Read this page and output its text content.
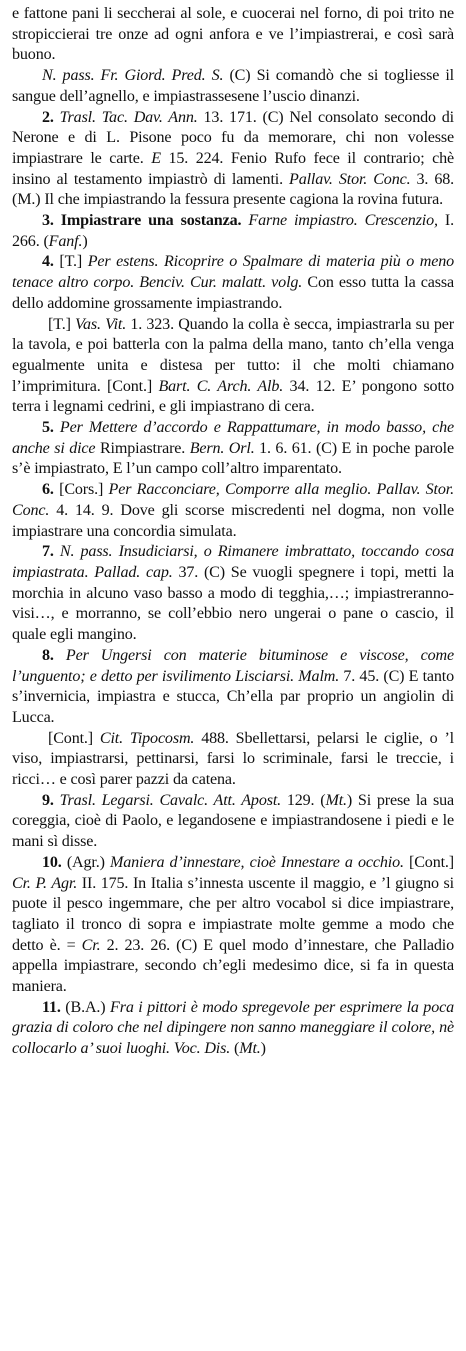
e fattone pani li seccherai al sole, e cuocerai nel forno, di poi trito ne stropiccierai tre onze ad ogni anfora e ve l’impiastrerai, e così sarà buono.

N. pass. Fr. Giord. Pred. S. (C) Si comandò che si togliesse il sangue dell’agnello, e impiastrassesene l’uscio dinanzi.

2. Trasl. Tac. Dav. Ann. 13. 171. (C) Nel consolato secondo di Nerone e di L. Pisone poco fu da memorare, chi non volesse impiastrare le carte. E 15. 224. Fenio Rufo fece il contrario; chè insino al testamento impiastrò di lamenti. Pallav. Stor. Conc. 3. 68. (M.) Il che impiastrando la fessura presente cagiona la rovina futura.

3. Impiastrare una sostanza. Farne impiastro. Crescenzio, I. 266. (Fanf.)

4. [T.] Per estens. Ricoprire o Spalmare di materia più o meno tenace altro corpo. Benciv. Cur. malatt. volg. Con esso tutta la cassa dello addomine grossamente impiastrando.

[T.] Vas. Vit. 1. 323. Quando la colla è secca, impiastrarla su per la tavola, e poi batterla con la palma della mano, tanto ch’ella venga egualmente unita e distesa per tutto: il che molti chiamano l’imprimitura. [Cont.] Bart. C. Arch. Alb. 34. 12. E’ pongono sotto terra i legnami cedrini, e gli impiastrano di cera.

5. Per Mettere d’accordo e Rappattumare, in modo basso, che anche si dice Rimpiastrare. Bern. Orl. 1. 6. 61. (C) E in poche parole s’è impiastrato, E l’un campo coll’altro imparentato.

6. [Cors.] Per Racconciare, Comporre alla meglio. Pallav. Stor. Conc. 4. 14. 9. Dove gli scorse miscredenti nel dogma, non volle impiastrare una concordia simulata.

7. N. pass. Insudiciarsi, o Rimanere imbrattato, toccando cosa impiastrata. Pallad. cap. 37. (C) Se vuogli spegnere i topi, metti la morchia in alcuno vaso basso a modo di tegghia,…; impiastrerannovisi…, e morranno, se coll’ebbio nero ungerai o pane o cascio, il quale egli mangino.

8. Per Ungersi con materie bituminose e viscose, come l’unguento; e detto per isvilimento Lisciarsi. Malm. 7. 45. (C) E tanto s’invernicia, impiastra e stucca, Ch’ella par proprio un angiolin di Lucca.

[Cont.] Cit. Tipocosm. 488. Sbellettarsi, pelarsi le ciglie, o ’l viso, impiastrarsi, pettinarsi, farsi lo scriminale, farsi le treccie, i ricci… e così parer pazzi da catena.

9. Trasl. Legarsi. Cavalc. Att. Apost. 129. (Mt.) Si prese la sua coreggia, cioè di Paolo, e legandosene e impiastrandosene i piedi e le mani sì disse.

10. (Agr.) Maniera d’innestare, cioè Innestare a occhio. [Cont.] Cr. P. Agr. II. 175. In Italia s’innesta uscente il maggio, e ’l giugno si puote il pesco ingemmare, che per altro vocabol si dice impiastrare, tagliato il tronco di sopra e impiastrate molte gemme a modo che detto è. = Cr. 2. 23. 26. (C) E quel modo d’innestare, che Palladio appella impiastrare, secondo ch’egli medesimo dice, si fa in questa maniera.

11. (B.A.) Fra i pittori è modo spregevole per esprimere la poca grazia di coloro che nel dipingere non sanno maneggiare il colore, nè collocarlo a’ suoi luoghi. Voc. Dis. (Mt.)
